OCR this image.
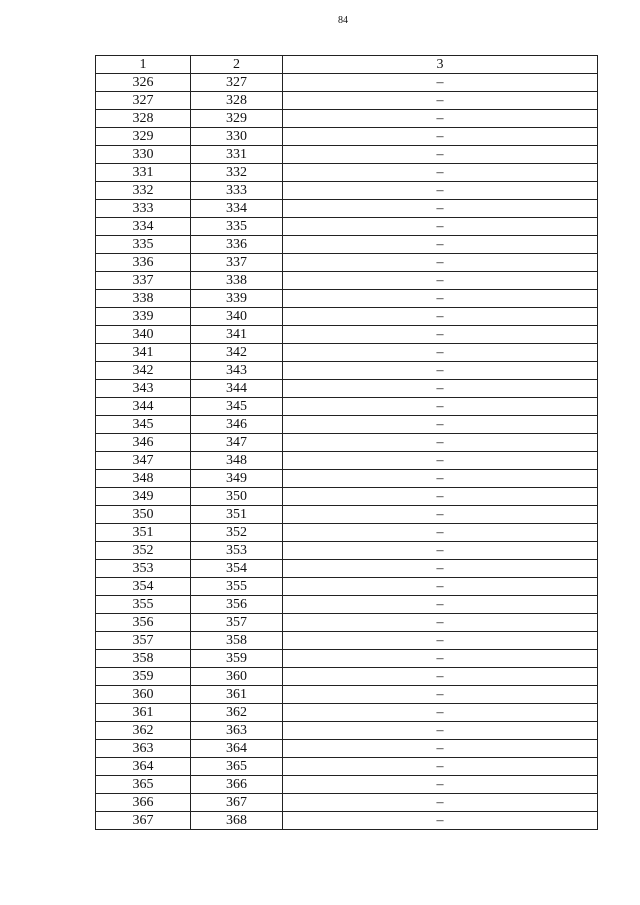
84
1	2	3
326	327	–
327	328	–
328	329	–
329	330	–
330	331	–
331	332	–
332	333	–
333	334	–
334	335	–
335	336	–
336	337	–
337	338	–
338	339	–
339	340	–
340	341	–
341	342	–
342	343	–
343	344	–
344	345	–
345	346	–
346	347	–
347	348	–
348	349	–
349	350	–
350	351	–
351	352	–
352	353	–
353	354	–
354	355	–
355	356	–
356	357	–
357	358	–
358	359	–
359	360	–
360	361	–
361	362	–
362	363	–
363	364	–
364	365	–
365	366	–
366	367	–
367	368	–
